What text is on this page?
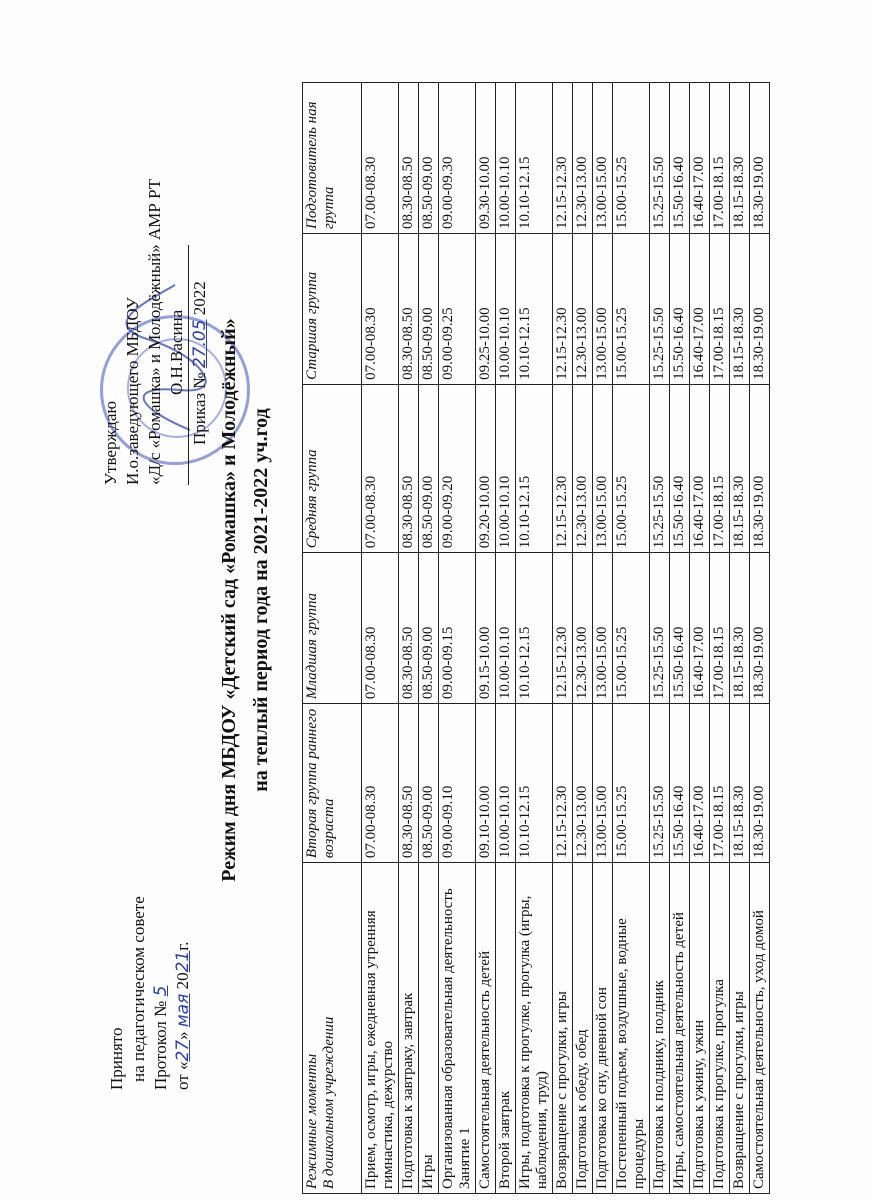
Принято на педагогическом совете Протокол № 5
от «27» мая 2021г.
Утверждаю И.о.заведующего МБДОУ «Д/с «Ромашка» и Молодёжный» АМР РТ О.Н.Васина
Приказ № 27.05 2022
Режим дня МБДОУ «Детский сад «Ромашка» и Молодёжный» на теплый период года на 2021-2022 уч.год
Режимные моменты
В дошкольном учреждении	Вторая группа раннего возраста	Младшая группа	Средняя группа	Старшая группа	Подготовитель ная группа
Прием, осмотр, игры, ежедневная утренняя гимнастика, дежурство	07.00-08.30	07.00-08.30	07.00-08.30	07.00-08.30	07.00-08.30
Подготовка к завтраку, завтрак	08.30-08.50	08.30-08.50	08.30-08.50	08.30-08.50	08.30-08.50
Игры	08.50-09.00	08.50-09.00	08.50-09.00	08.50-09.00	08.50-09.00
Организованная образовательная деятельность
Занятие 1	09.00-09.10	09.00-09.15	09.00-09.20	09.00-09.25	09.00-09.30
Самостоятельная деятельность детей	09.10-10.00	09.15-10.00	09.20-10.00	09.25-10.00	09.30-10.00
Второй завтрак	10.00-10.10	10.00-10.10	10.00-10.10	10.00-10.10	10.00-10.10
Игры, подготовка к прогулке, прогулка (игры, наблюдения, труд)	10.10-12.15	10.10-12.15	10.10-12.15	10.10-12.15	10.10-12.15
Возвращение с прогулки, игры	12.15-12.30	12.15-12.30	12.15-12.30	12.15-12.30	12.15-12.30
Подготовка к обеду, обед	12.30-13.00	12.30-13.00	12.30-13.00	12.30-13.00	12.30-13.00
Подготовка ко сну, дневной сон	13.00-15.00	13.00-15.00	13.00-15.00	13.00-15.00	13.00-15.00
Постепенный подъем, воздушные, водные процедуры	15.00-15.25	15.00-15.25	15.00-15.25	15.00-15.25	15.00-15.25
Подготовка к полднику, полдник	15.25-15.50	15.25-15.50	15.25-15.50	15.25-15.50	15.25-15.50
Игры, самостоятельная деятельность детей	15.50-16.40	15.50-16.40	15.50-16.40	15.50-16.40	15.50-16.40
Подготовка к ужину, ужин	16.40-17.00	16.40-17.00	16.40-17.00	16.40-17.00	16.40-17.00
Подготовка к прогулке, прогулка	17.00-18.15	17.00-18.15	17.00-18.15	17.00-18.15	17.00-18.15
Возвращение с прогулки, игры	18.15-18.30	18.15-18.30	18.15-18.30	18.15-18.30	18.15-18.30
Самостоятельная деятельность, уход домой	18.30-19.00	18.30-19.00	18.30-19.00	18.30-19.00	18.30-19.00
